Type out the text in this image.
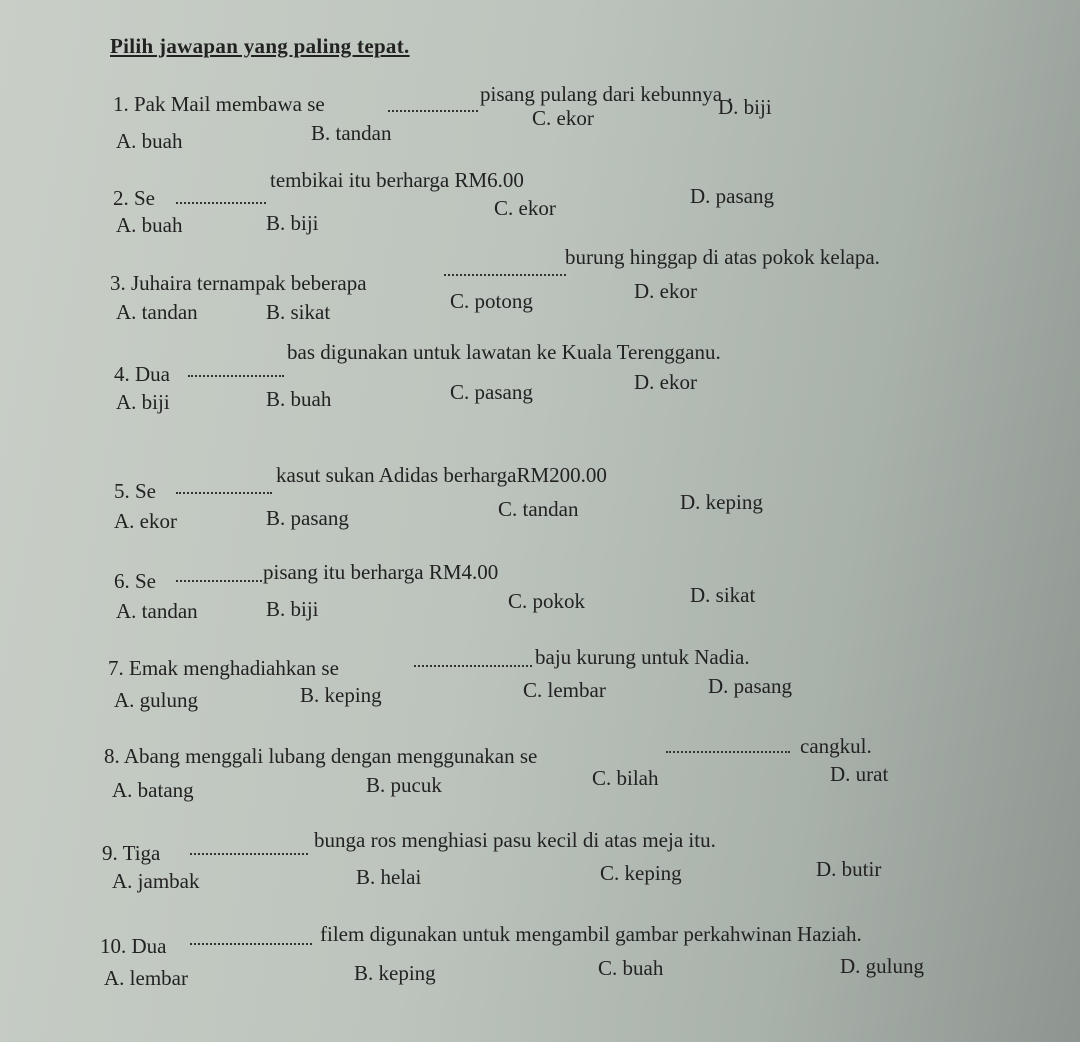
Pilih jawapan yang paling tepat.
1. Pak Mail membawa se	pisang pulang dari kebunnya .
A. buah	B. tandan
C. ekor	D. biji
2. Se
tembikai itu berharga RM6.00
A. buah	B. biji
C. ekor	D. pasang
3. Juhaira ternampak beberapa
burung hinggap di atas pokok kelapa.
A. tandan	B. sikat	C. potong	D. ekor
4. Dua
bas digunakan untuk lawatan ke Kuala Terengganu.
A. biji	B. buah	C. pasang	D. ekor
5. Se
kasut sukan Adidas berhargaRM200.00
A. ekor	B. pasang	C. tandan	D. keping
6. Se	pisang itu berharga RM4.00
A. tandan	B. biji	C. pokok	D. sikat
7. Emak menghadiahkan se	baju kurung untuk Nadia.
A. gulung	B. keping	C. lembar	D. pasang
8. Abang menggali lubang dengan menggunakan se	cangkul.
A. batang	B. pucuk	C. bilah	D. urat
9. Tiga
bunga ros menghiasi pasu kecil di atas meja itu.
A. jambak	B. helai	C. keping	D. butir
10. Dua	filem digunakan untuk mengambil gambar perkahwinan Haziah.
A. lembar	B. keping	C. buah	D. gulung
